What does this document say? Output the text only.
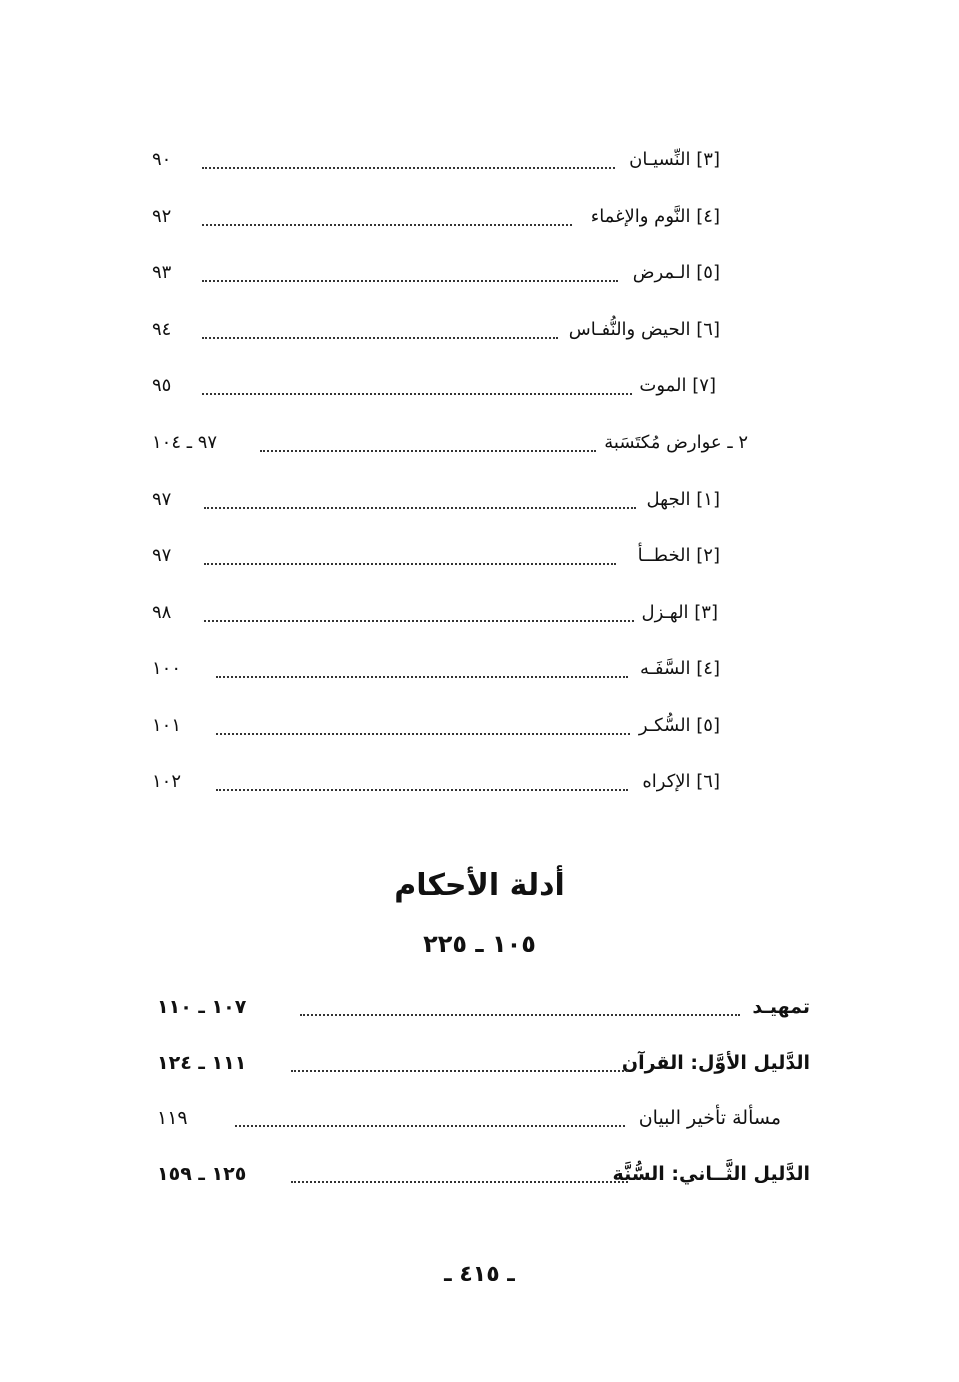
[٣] النِّسيـان
٩٠
[٤] النَّوم والإغماء
٩٢
[٥] الـمرض
٩٣
[٦] الحيض والنُّفـاس
٩٤
[٧] الموت
٩٥
٢ ـ عوارض مُكتَسَبة
٩٧ ـ ١٠٤
[١] الجهل
٩٧
[٢] الخطــأ
٩٧
[٣] الهـزل
٩٨
[٤] السَّفَـه
١٠٠
[٥] السُّكـر
١٠١
[٦] الإكراه
١٠٢
أدلة الأحكام
١٠٥ ـ ٢٢٥
تمهيـد
١٠٧ ـ ١١٠
الدَّليل الأوَّل: القرآن
١١١ ـ ١٢٤
مسألة تأخير البيان
١١٩
الدَّليل الثَّــاني: السُّنَّة
١٢٥ ـ ١٥٩
ـ ٤١٥ ـ
